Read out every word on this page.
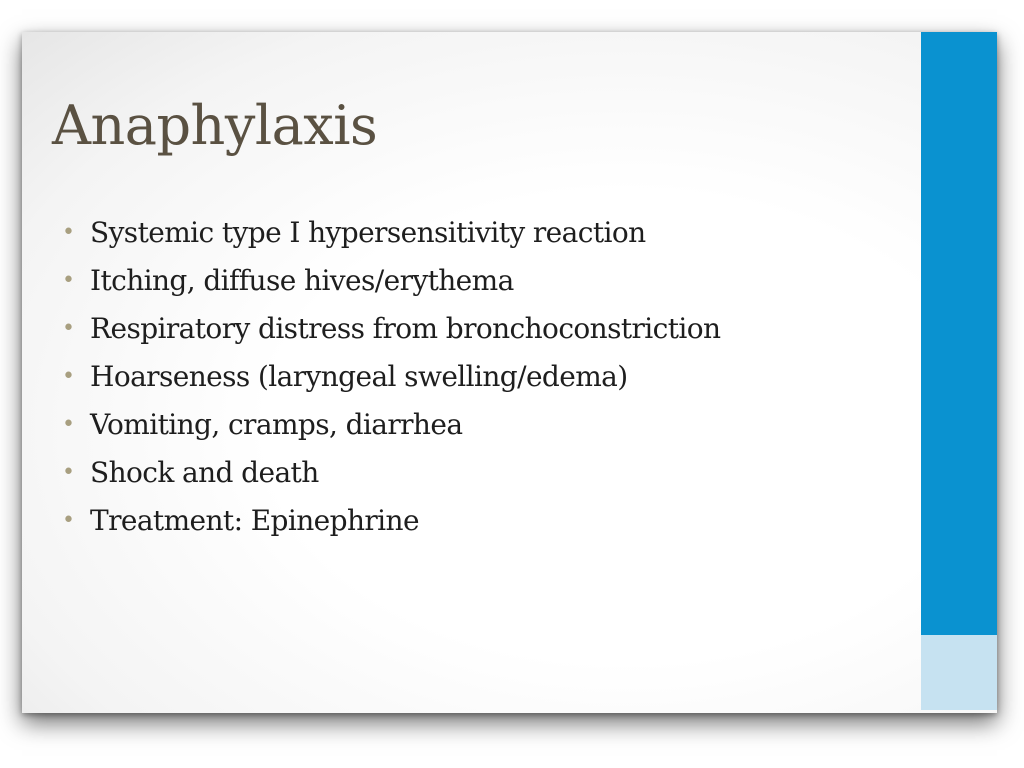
Anaphylaxis
• Systemic type I hypersensitivity reaction
• Itching, diffuse hives/erythema
• Respiratory distress from bronchoconstriction
• Hoarseness (laryngeal swelling/edema)
• Vomiting, cramps, diarrhea
• Shock and death
• Treatment: Epinephrine
